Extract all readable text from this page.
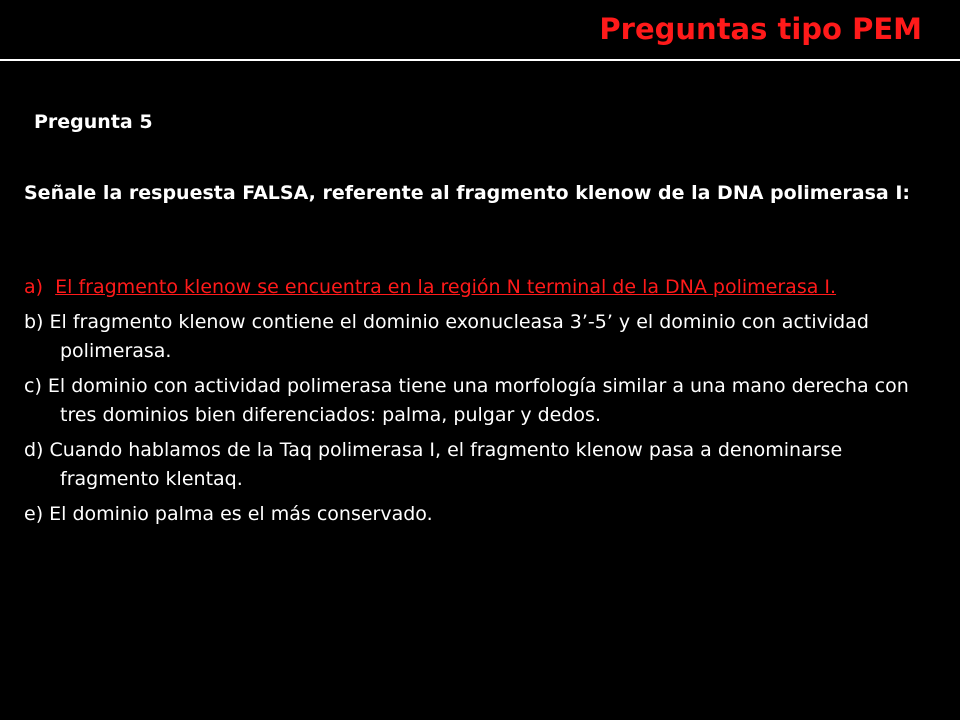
Preguntas tipo PEM
Pregunta 5
Señale la respuesta FALSA, referente al fragmento klenow de la DNA polimerasa I:

a) El fragmento klenow se encuentra en la región N terminal de la DNA polimerasa I.

b) El fragmento klenow contiene el dominio exonucleasa 3’-5’ y el dominio con actividad polimerasa.

c) El dominio con actividad polimerasa tiene una morfología similar a una mano derecha con tres dominios bien diferenciados: palma, pulgar y dedos.

d) Cuando hablamos de la Taq polimerasa I, el fragmento klenow pasa a denominarse fragmento klentaq.

e) El dominio palma es el más conservado.
